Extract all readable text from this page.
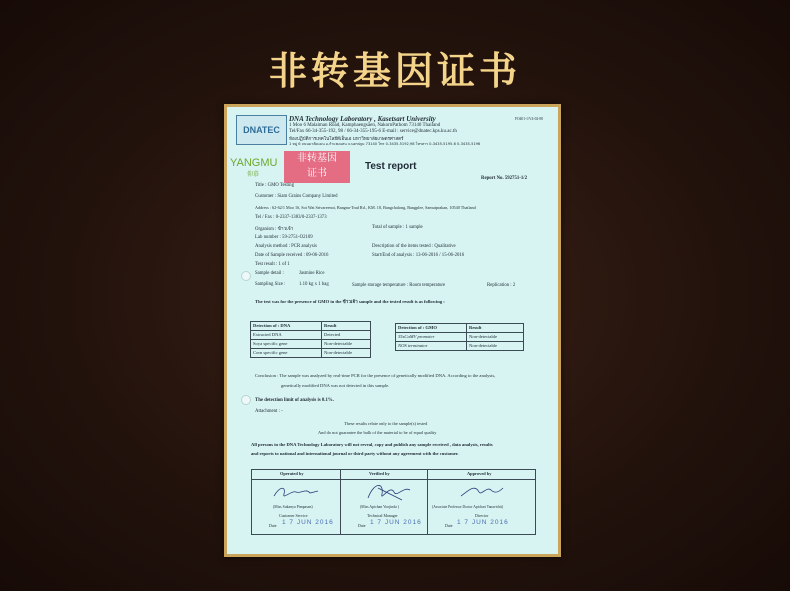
非转基因证书
DNATEC
DNA Technology Laboratory , Kasetsart University
1 Moo 6 Malaiman Road, Kamphaengsaen, NakornPathom 73140 Thailand
Tel/Fax 66-34-355-192, 98 / 66-34-355-195-6 E-mail : service@dnatec.kps.ku.ac.th
ห้องปฏิบัติการเทคโนโลยีดีเอ็นเอ มหาวิทยาลัยเกษตรศาสตร์
1 หมู่ 6 ถนนมาลัยแมน อ.กำแพงแสน จ.นครปฐม 73140 โทร 0-3435-5192,98 โทรสาร 0-3435-5195-6 0-3435-5196
FO401-1/V4-02-08
YANGMU
仰慕
非转基因
证书
Test report
Report No. 592751-1/2
Title : GMO Testing
Customer : Siam Grains Company Limited
Address : 62-62/1 Moo 16, Soi Wat Srivareenoi, Bangna-Trad Rd., KM. 18, Bangchalong, Bangplee, Samutprakan, 10540 Thailand
Tel / Fax : 0-2337-1383/0-2337-1373
Organism : ข้าวเจ้า	Total of sample : 1 sample
Lab number : 59-2751-O2109
Analysis method : PCR analysis	Description of the items tested : Qualitative
Date of Sample received : 09-06-2016	Start/End of analysis : 13-06-2016 / 15-06-2016
Test result : 1 of 1
Sample detail :	Jasmine Rice
Sampling Size :	1.10 kg x 1 bag	Sample storage temperature : Room temperature	Replication : 2
The test was for the presence of GMO in the ข้าวเจ้า sample and the tested result is as following :
Detection of : DNA	Result
Extracted DNA	Detected
Soya specific gene	Non-detectable
Corn specific gene	Non-detectable
Detection of : GMO	Result
35sCaMV promoter	Non-detectable
NOS terminator	Non-detectable
Conclusion : The sample was analyzed by real-time PCR for the presence of genetically modified DNA. According to the analysis,
genetically modified DNA was not detected in this sample.
The detection limit of analysis is 0.1%.
Attachment : -
These results relate only to the sample(s) tested
And do not guarantee the bulk of the material to be of equal quality
All persons in the DNA Technology Laboratory will not reveal, copy and publish any sample received , data analysis, results
and reports to national and international journal or third party without any agreement with the customer.
Operated by	Verified by	Approved by
(Miss Sukanya Pimpasan)	(Miss Apichan Voojinda )	(Associate Professor Doctor Apichart Vanavichit)
Customer Service	Technical Manager	Director
Date	Date	Date
1 7 JUN 2016	1 7 JUN 2016	1 7 JUN 2016
